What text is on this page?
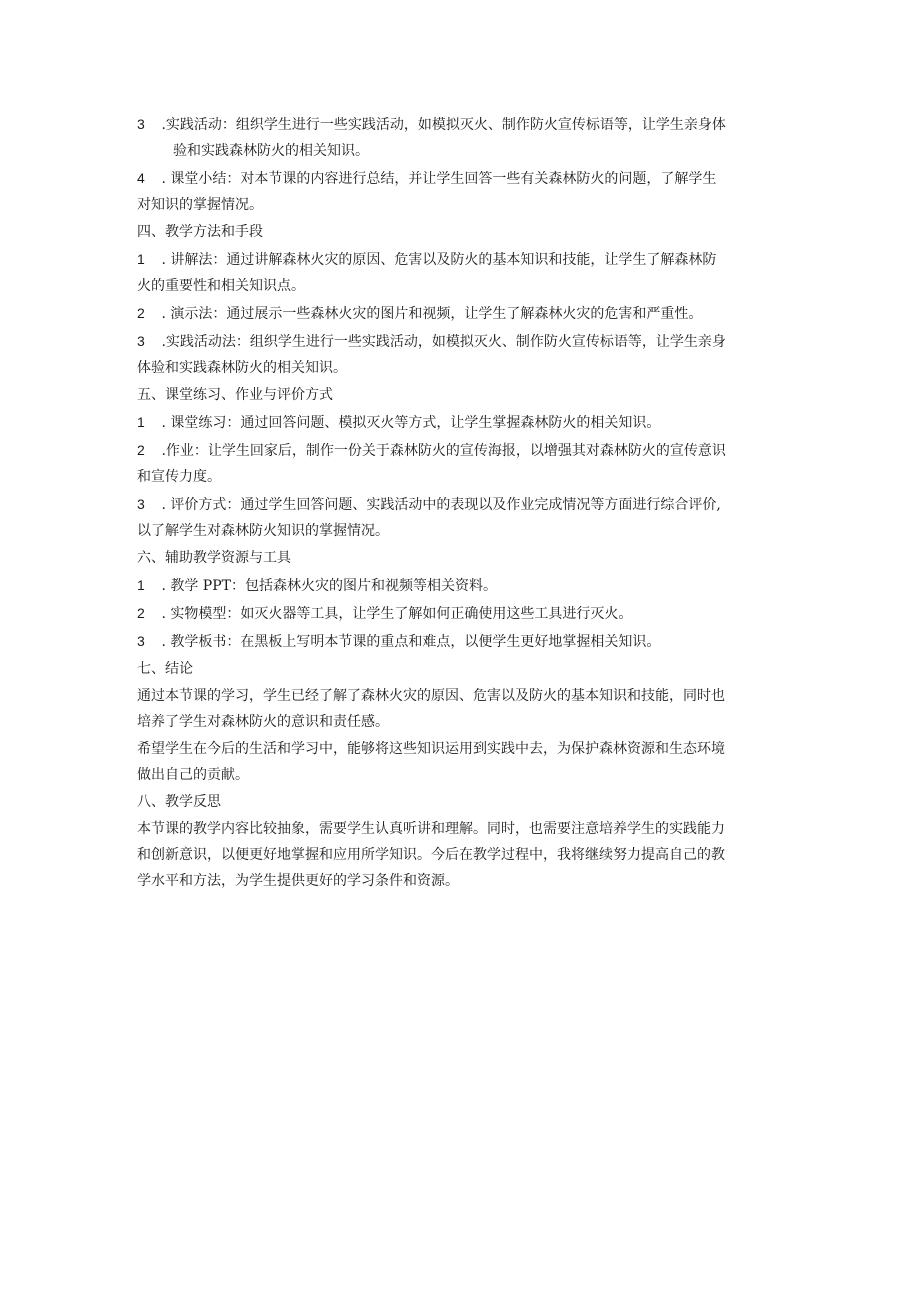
3 .实践活动：组织学生进行一些实践活动，如模拟灭火、制作防火宣传标语等，让学生亲身体
验和实践森林防火的相关知识。
4 . 课堂小结：对本节课的内容进行总结，并让学生回答一些有关森林防火的问题，了解学生
对知识的掌握情况。
四、教学方法和手段
1 . 讲解法：通过讲解森林火灾的原因、危害以及防火的基本知识和技能，让学生了解森林防
火的重要性和相关知识点。
2 . 演示法：通过展示一些森林火灾的图片和视频，让学生了解森林火灾的危害和严重性。
3 .实践活动法：组织学生进行一些实践活动，如模拟灭火、制作防火宣传标语等，让学生亲身
体验和实践森林防火的相关知识。
五、课堂练习、作业与评价方式
1 . 课堂练习：通过回答问题、模拟灭火等方式，让学生掌握森林防火的相关知识。
2 .作业：让学生回家后，制作一份关于森林防火的宣传海报，以增强其对森林防火的宣传意识
和宣传力度。
3 . 评价方式：通过学生回答问题、实践活动中的表现以及作业完成情况等方面进行综合评价,
以了解学生对森林防火知识的掌握情况。
六、辅助教学资源与工具
1 . 教学 PPT：包括森林火灾的图片和视频等相关资料。
2 . 实物模型：如灭火器等工具，让学生了解如何正确使用这些工具进行灭火。
3 . 教学板书：在黑板上写明本节课的重点和难点，以便学生更好地掌握相关知识。
七、结论
通过本节课的学习，学生已经了解了森林火灾的原因、危害以及防火的基本知识和技能，同时也
培养了学生对森林防火的意识和责任感。
希望学生在今后的生活和学习中，能够将这些知识运用到实践中去，为保护森林资源和生态环境
做出自己的贡献。
八、教学反思
本节课的教学内容比较抽象，需要学生认真听讲和理解。同时，也需要注意培养学生的实践能力
和创新意识，以便更好地掌握和应用所学知识。今后在教学过程中，我将继续努力提高自己的教
学水平和方法，为学生提供更好的学习条件和资源。
